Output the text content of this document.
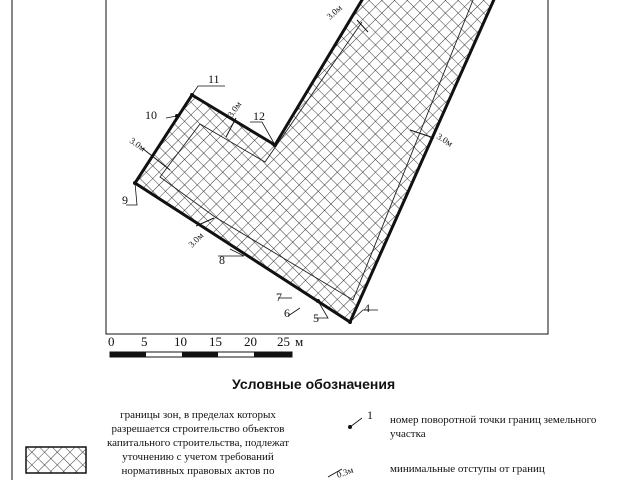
4
5
6
7
8
9
10
11
12
3.0м
3.0м
3.0м
3.0м
3.0м
0 5 10 15 20 25 м
1
0.3м
Условные обозначения
границы зон, в пределах которых разрешается строительство объектов капитального строительства, подлежат уточнению с учетом требований нормативных правовых актов по
номер поворотной точки границ земельного участка
минимальные отступы от границ
